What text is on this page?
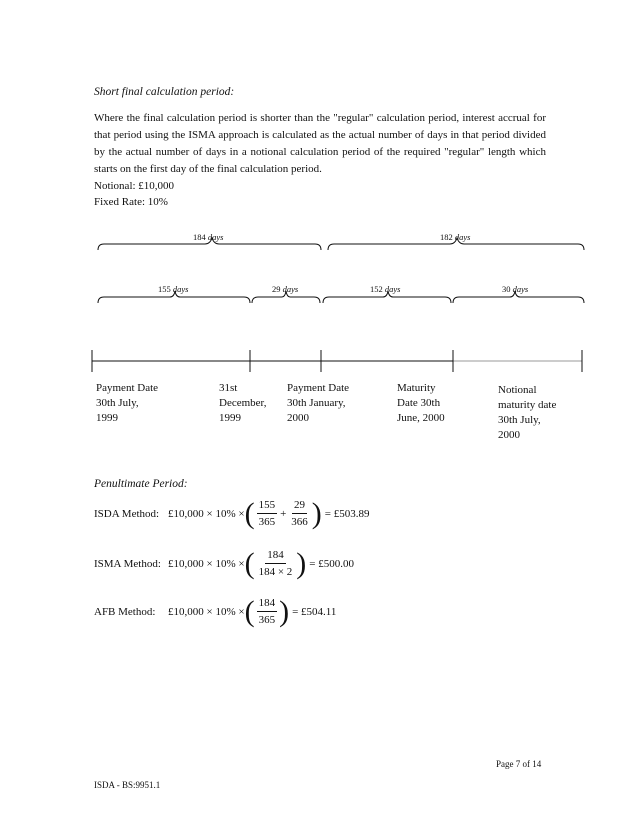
Short final calculation period:
Where the final calculation period is shorter than the "regular" calculation period, interest accrual for that period using the ISMA approach is calculated as the actual number of days in that period divided by the actual number of days in a notional calculation period of the required "regular" length which starts on the first day of the final calculation period.
Notional: £10,000
Fixed Rate: 10%
184 days	182 days
155 days	29 days	152 days	30 days
Payment Date
30th July,
1999
31st
December,
1999
Payment Date
30th January,
2000
Maturity
Date 30th
June, 2000
Notional
maturity date
30th July,
2000
Penultimate Period:
ISDA Method: £10,000 × 10% × ( $\frac{155}{365} + \frac{29}{366}$ ) = £503.89
ISMA Method: £10,000 × 10% × ( $\frac{184}{184 \times 2}$ ) = £500.00
AFB Method:	£10,000 × 10% × ( $\frac{184}{365}$ ) = £504.11
Page 7 of 14
ISDA - BS:9951.1
